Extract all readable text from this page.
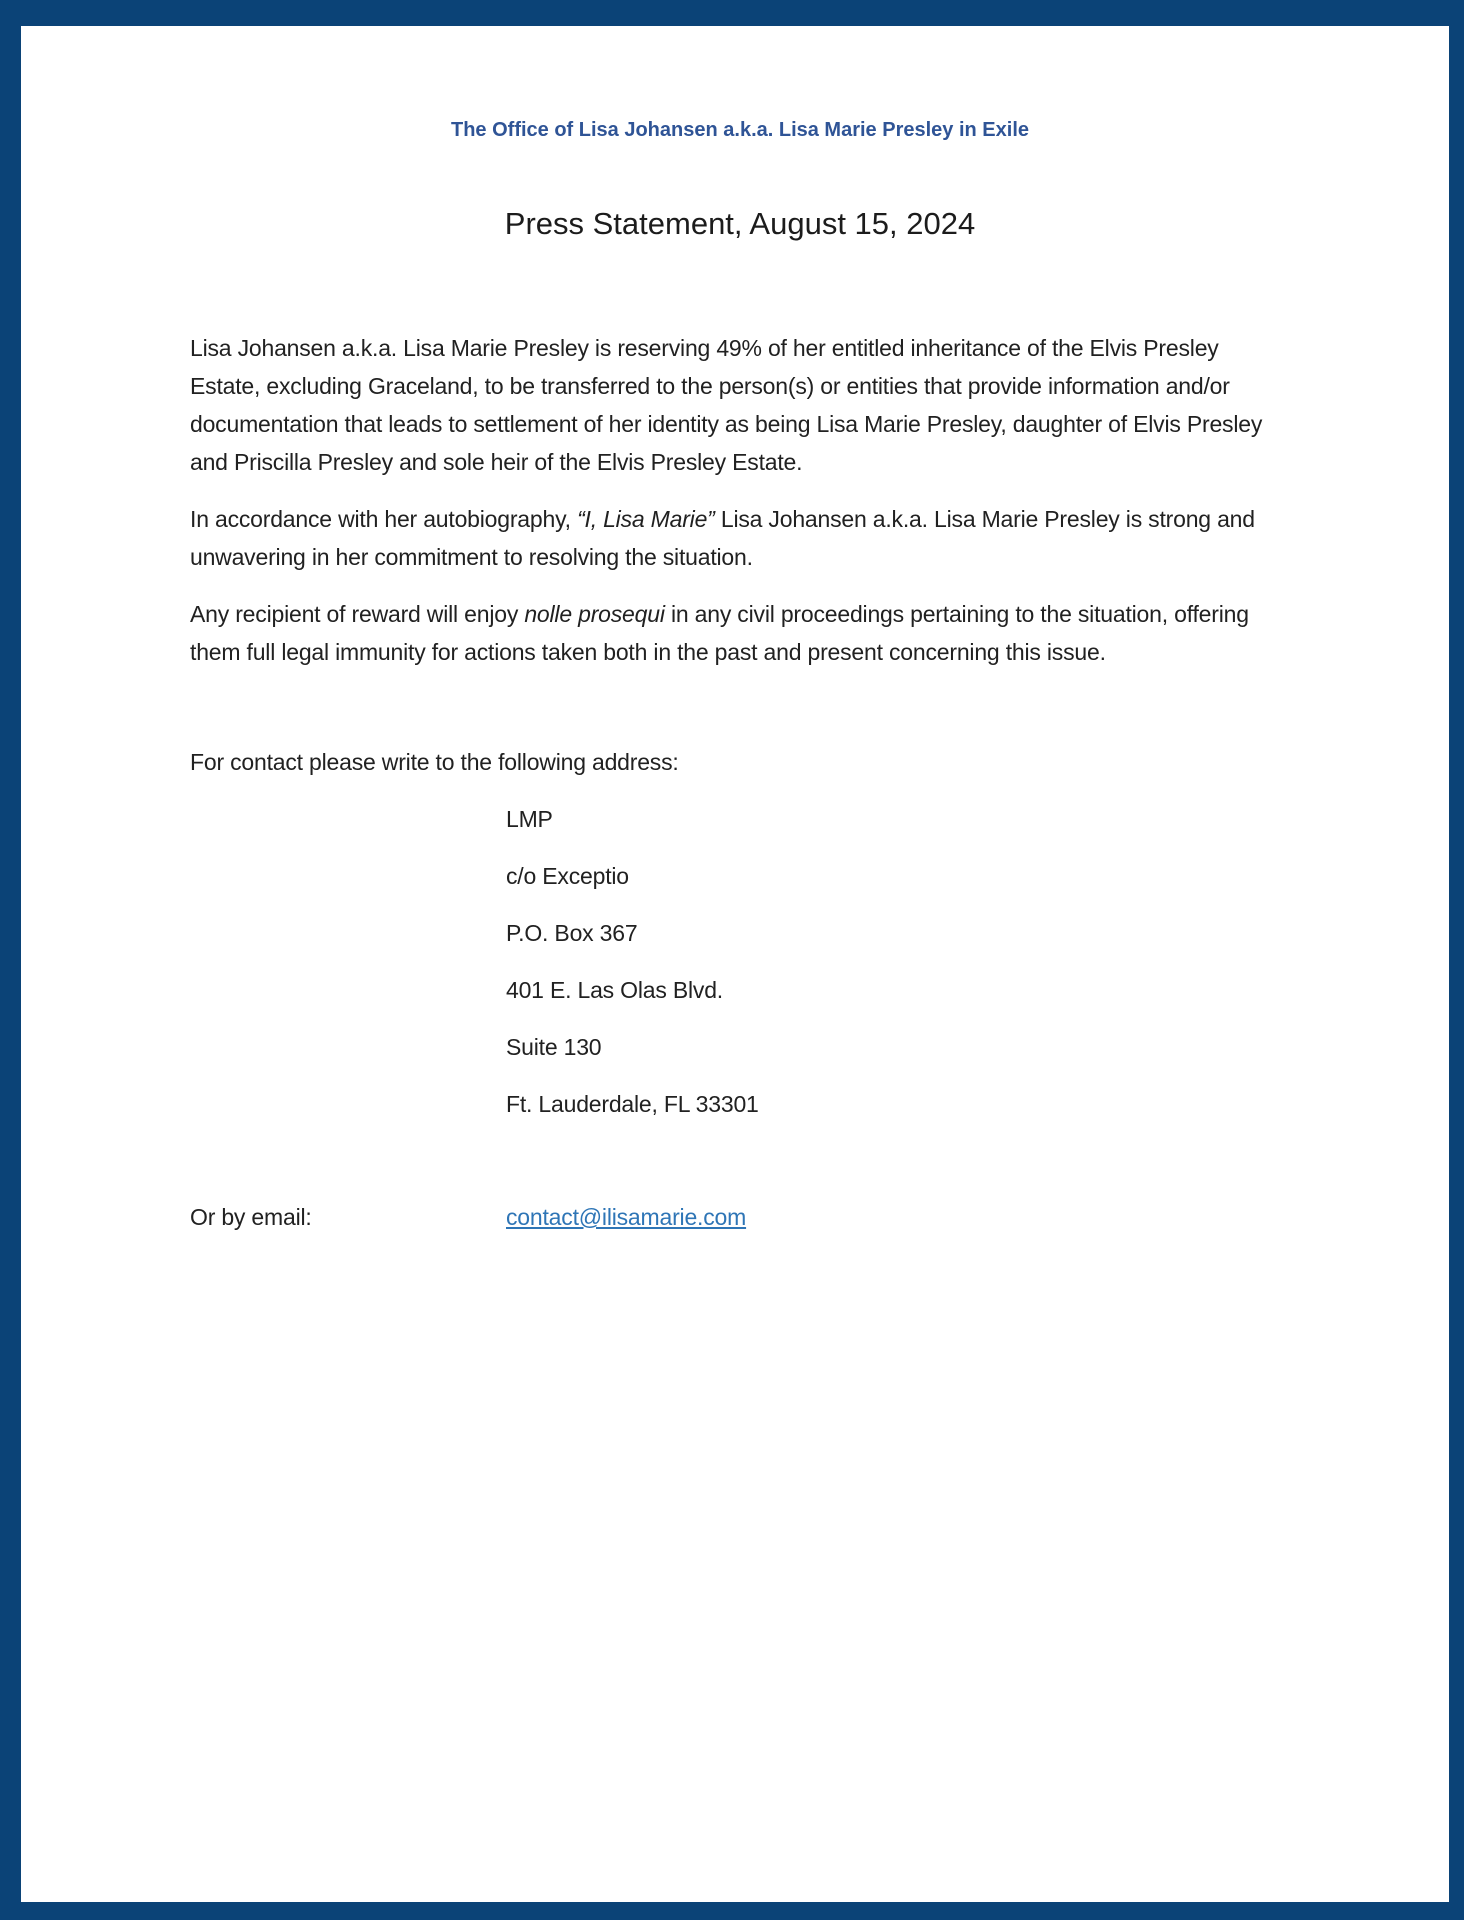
The Office of Lisa Johansen a.k.a. Lisa Marie Presley in Exile

Press Statement, August 15, 2024

Lisa Johansen a.k.a. Lisa Marie Presley is reserving 49% of her entitled inheritance of the Elvis Presley Estate, excluding Graceland, to be transferred to the person(s) or entities that provide information and/or documentation that leads to settlement of her identity as being Lisa Marie Presley, daughter of Elvis Presley and Priscilla Presley and sole heir of the Elvis Presley Estate.

In accordance with her autobiography, “I, Lisa Marie” Lisa Johansen a.k.a. Lisa Marie Presley is strong and unwavering in her commitment to resolving the situation.

Any recipient of reward will enjoy nolle prosequi in any civil proceedings pertaining to the situation, offering them full legal immunity for actions taken both in the past and present concerning this issue.

For contact please write to the following address:

LMP

c/o Exceptio

P.O. Box 367

401 E. Las Olas Blvd.

Suite 130

Ft. Lauderdale, FL 33301

Or by email:	contact@ilisamarie.com
